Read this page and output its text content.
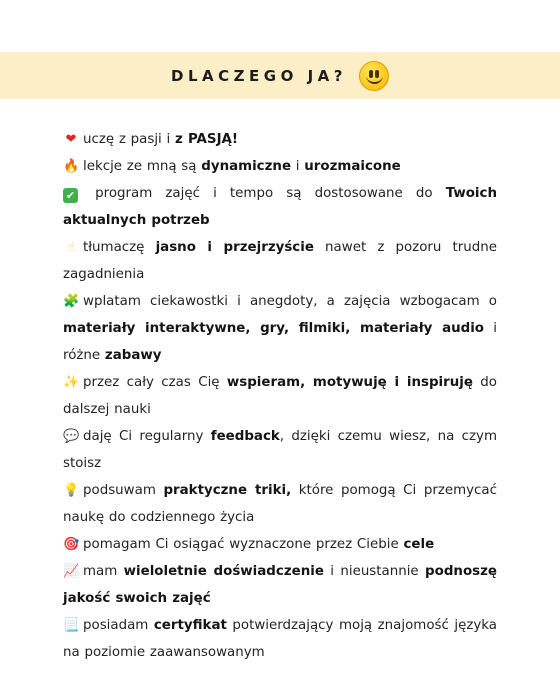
DLACZEGO JA?

❤ uczę z pasji i z PASJĄ!

🔥 lekcje ze mną są dynamiczne i urozmaicone

✔ program zajęć i tempo są dostosowane do Twoich aktualnych potrzeb

☝ tłumaczę jasno i przejrzyście nawet z pozoru trudne zagadnienia

🧩 wplatam ciekawostki i anegdoty, a zajęcia wzbogacam o materiały interaktywne, gry, filmiki, materiały audio i różne zabawy

✨ przez cały czas Cię wspieram, motywuję i inspiruję do dalszej nauki

💬 daję Ci regularny feedback, dzięki czemu wiesz, na czym stoisz

💡 podsuwam praktyczne triki, które pomogą Ci przemycać naukę do codziennego życia

🎯 pomagam Ci osiągać wyznaczone przez Ciebie cele

📈 mam wieloletnie doświadczenie i nieustannie podnoszę jakość swoich zajęć

📃 posiadam certyfikat potwierdzający moją znajomość języka na poziomie zaawansowanym
